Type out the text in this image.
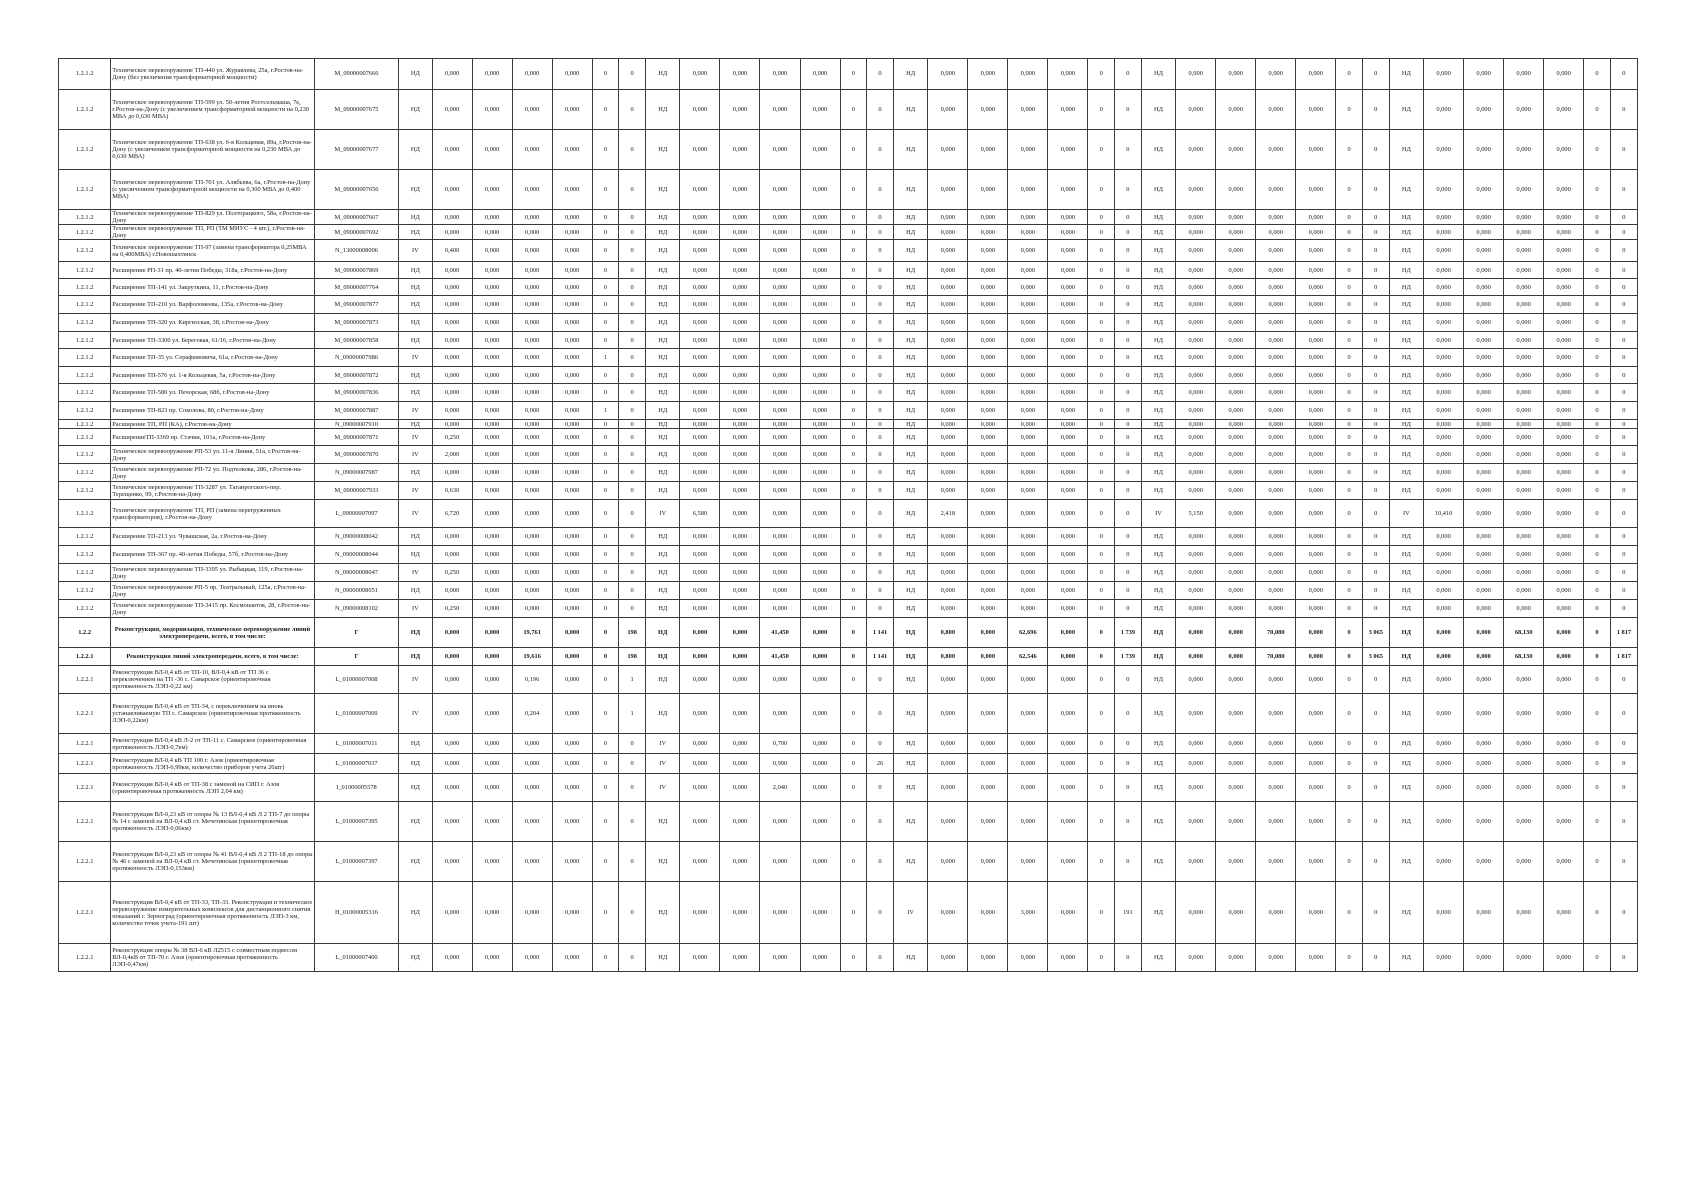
1.2.1.2	Техническое перевооружение ТП-440 ул. Журавлева, 25а, г.Ростов-на-Дону (без увеличения трансформаторной мощности)	M_09000007666	НД	0,000	0,000	0,000	0,000	0	0	НД	0,000	0,000	0,000	0,000	0	0	НД	0,000	0,000	0,000	0,000	0	0	НД	0,000	0,000	0,000	0,000	0	0	НД	0,000	0,000	0,000	0,000	0	0
1.2.1.2	Техническое перевооружение ТП-599 ул. 50-летия Ростсельмаша, 7е, г.Ростов-на-Дону (с увеличением трансформаторной мощности на 0,230 МВА до 0,630 МВА)	M_09000007675	НД	0,000	0,000	0,000	0,000	0	0	НД	0,000	0,000	0,000	0,000	0	0	НД	0,000	0,000	0,000	0,000	0	0	НД	0,000	0,000	0,000	0,000	0	0	НД	0,000	0,000	0,000	0,000	0	0
1.2.1.2	Техническое перевооружение ТП-638 ул. 6-я Кольцевая, 89а, г.Ростов-на-Дону (с увеличением трансформаторной мощности на 0,230 МВА до 0,630 МВА)	M_09000007677	НД	0,000	0,000	0,000	0,000	0	0	НД	0,000	0,000	0,000	0,000	0	0	НД	0,000	0,000	0,000	0,000	0	0	НД	0,000	0,000	0,000	0,000	0	0	НД	0,000	0,000	0,000	0,000	0	0
1.2.1.2	Техническое перевооружение ТП-701 ул. Алябьева, 6а, г.Ростов-на-Дону (с увеличением трансформаторной мощности на 0,300 МВА до 0,400 МВА)	M_09000007656	НД	0,000	0,000	0,000	0,000	0	0	НД	0,000	0,000	0,000	0,000	0	0	НД	0,000	0,000	0,000	0,000	0	0	НД	0,000	0,000	0,000	0,000	0	0	НД	0,000	0,000	0,000	0,000	0	0
1.2.1.2	Техническое перевооружение ТП-829 ул. Полторацкого, 58а, г.Ростов-на-Дону	M_09000007667	НД	0,000	0,000	0,000	0,000	0	0	НД	0,000	0,000	0,000	0,000	0	0	НД	0,000	0,000	0,000	0,000	0	0	НД	0,000	0,000	0,000	0,000	0	0	НД	0,000	0,000	0,000	0,000	0	0
1.2.1.2	Техническое перевооружение ТП, РП (ТМ МИУС - 4 шт.), г.Ростов-на-Дону	M_09000007692	НД	0,000	0,000	0,000	0,000	0	0	НД	0,000	0,000	0,000	0,000	0	0	НД	0,000	0,000	0,000	0,000	0	0	НД	0,000	0,000	0,000	0,000	0	0	НД	0,000	0,000	0,000	0,000	0	0
1.2.1.2	Техническое перевооружение ТП-97 (замена трансформатора 0,25МВА на 0,400МВА) г.Новошахтинск	N_13000008006	IV	0,400	0,000	0,000	0,000	0	0	НД	0,000	0,000	0,000	0,000	0	0	НД	0,000	0,000	0,000	0,000	0	0	НД	0,000	0,000	0,000	0,000	0	0	НД	0,000	0,000	0,000	0,000	0	0
1.2.1.2	Расширение РП-31 пр. 40-летия Победы, 318а, г.Ростов-на-Дону	M_09000007869	НД	0,000	0,000	0,000	0,000	0	0	НД	0,000	0,000	0,000	0,000	0	0	НД	0,000	0,000	0,000	0,000	0	0	НД	0,000	0,000	0,000	0,000	0	0	НД	0,000	0,000	0,000	0,000	0	0
1.2.1.2	Расширение ТП-141 ул. Закруткина, 11, г.Ростов-на-Дону	M_09000007764	НД	0,000	0,000	0,000	0,000	0	0	НД	0,000	0,000	0,000	0,000	0	0	НД	0,000	0,000	0,000	0,000	0	0	НД	0,000	0,000	0,000	0,000	0	0	НД	0,000	0,000	0,000	0,000	0	0
1.2.1.2	Расширение ТП-210 ул. Варфоломеева, 135а, г.Ростов-на-Дону	M_09000007877	НД	0,000	0,000	0,000	0,000	0	0	НД	0,000	0,000	0,000	0,000	0	0	НД	0,000	0,000	0,000	0,000	0	0	НД	0,000	0,000	0,000	0,000	0	0	НД	0,000	0,000	0,000	0,000	0	0
1.2.1.2	Расширение ТП-320 ул. Киргизская, 38, г.Ростов-на-Дону	M_09000007873	НД	0,000	0,000	0,000	0,000	0	0	НД	0,000	0,000	0,000	0,000	0	0	НД	0,000	0,000	0,000	0,000	0	0	НД	0,000	0,000	0,000	0,000	0	0	НД	0,000	0,000	0,000	0,000	0	0
1.2.1.2	Расширение ТП-3300 ул. Береговая, 61/16, г.Ростов-на-Дону	M_09000007858	НД	0,000	0,000	0,000	0,000	0	0	НД	0,000	0,000	0,000	0,000	0	0	НД	0,000	0,000	0,000	0,000	0	0	НД	0,000	0,000	0,000	0,000	0	0	НД	0,000	0,000	0,000	0,000	0	0
1.2.1.2	Расширение ТП-35 ул. Серафимовича, 61а, г.Ростов-на-Дону	N_09000007986	IV	0,000	0,000	0,000	0,000	1	0	НД	0,000	0,000	0,000	0,000	0	0	НД	0,000	0,000	0,000	0,000	0	0	НД	0,000	0,000	0,000	0,000	0	0	НД	0,000	0,000	0,000	0,000	0	0
1.2.1.2	Расширение ТП-576 ул. 1-я Кольцевая, 5а, г.Ростов-на-Дону	M_09000007872	НД	0,000	0,000	0,000	0,000	0	0	НД	0,000	0,000	0,000	0,000	0	0	НД	0,000	0,000	0,000	0,000	0	0	НД	0,000	0,000	0,000	0,000	0	0	НД	0,000	0,000	0,000	0,000	0	0
1.2.1.2	Расширение ТП-580 ул. Печорская, 68б, г.Ростов-на-Дону	M_09000007836	НД	0,000	0,000	0,000	0,000	0	0	НД	0,000	0,000	0,000	0,000	0	0	НД	0,000	0,000	0,000	0,000	0	0	НД	0,000	0,000	0,000	0,000	0	0	НД	0,000	0,000	0,000	0,000	0	0
1.2.1.2	Расширение ТП-823 пр. Соколова, 80, г.Ростов-на-Дону	M_09000007887	IV	0,000	0,000	0,000	0,000	1	0	НД	0,000	0,000	0,000	0,000	0	0	НД	0,000	0,000	0,000	0,000	0	0	НД	0,000	0,000	0,000	0,000	0	0	НД	0,000	0,000	0,000	0,000	0	0
1.2.1.2	Расширение ТП, РП (КА), г.Ростов-на-Дону	N_09000007910	НД	0,000	0,000	0,000	0,000	0	0	НД	0,000	0,000	0,000	0,000	0	0	НД	0,000	0,000	0,000	0,000	0	0	НД	0,000	0,000	0,000	0,000	0	0	НД	0,000	0,000	0,000	0,000	0	0
1.2.1.2	РасширениеТП-3369 пр. Стачки, 101а, г.Ростов-на-Дону	M_09000007871	IV	0,250	0,000	0,000	0,000	0	0	НД	0,000	0,000	0,000	0,000	0	0	НД	0,000	0,000	0,000	0,000	0	0	НД	0,000	0,000	0,000	0,000	0	0	НД	0,000	0,000	0,000	0,000	0	0
1.2.1.2	Техническое перевооружение РП-53 ул. 11-я Линия, 51а, г.Ростов-на-Дону	M_09000007870	IV	2,000	0,000	0,000	0,000	0	0	НД	0,000	0,000	0,000	0,000	0	0	НД	0,000	0,000	0,000	0,000	0	0	НД	0,000	0,000	0,000	0,000	0	0	НД	0,000	0,000	0,000	0,000	0	0
1.2.1.2	Техническое перевооружение РП-72 ул. Подтелкова, 286, г.Ростов-на-Дону	N_09000007987	НД	0,000	0,000	0,000	0,000	0	0	НД	0,000	0,000	0,000	0,000	0	0	НД	0,000	0,000	0,000	0,000	0	0	НД	0,000	0,000	0,000	0,000	0	0	НД	0,000	0,000	0,000	0,000	0	0
1.2.1.2	Техническое перевооружение ТП-3287 ул. Таганрогского-пер. Терещенко, 99, г.Ростов-на-Дону	M_09000007933	IV	0,630	0,000	0,000	0,000	0	0	НД	0,000	0,000	0,000	0,000	0	0	НД	0,000	0,000	0,000	0,000	0	0	НД	0,000	0,000	0,000	0,000	0	0	НД	0,000	0,000	0,000	0,000	0	0
1.2.1.2	Техническое перевооружение ТП, РП (замена перегруженных трансформаторов), г.Ростов-на-Дону	L_09000007097	IV	6,720	0,000	0,000	0,000	0	0	IV	6,580	0,000	0,000	0,000	0	0	НД	2,418	0,000	0,000	0,000	0	0	IV	5,150	0,000	0,000	0,000	0	0	IV	10,410	0,000	0,000	0,000	0	0
1.2.1.2	Расширение ТП-213 ул. Чувашская, 2а, г.Ростов-на-Дону	N_09000008042	НД	0,000	0,000	0,000	0,000	0	0	НД	0,000	0,000	0,000	0,000	0	0	НД	0,000	0,000	0,000	0,000	0	0	НД	0,000	0,000	0,000	0,000	0	0	НД	0,000	0,000	0,000	0,000	0	0
1.2.1.2	Расширение ТП-367 пр. 40-летия Победы, 57б, г.Ростов-на-Дону	N_09000008044	НД	0,000	0,000	0,000	0,000	0	0	НД	0,000	0,000	0,000	0,000	0	0	НД	0,000	0,000	0,000	0,000	0	0	НД	0,000	0,000	0,000	0,000	0	0	НД	0,000	0,000	0,000	0,000	0	0
1.2.1.2	Техническое перевооружение ТП-3395 ул. Рыбацкая, 119, г.Ростов-на-Дону	N_09000008047	IV	0,250	0,000	0,000	0,000	0	0	НД	0,000	0,000	0,000	0,000	0	0	НД	0,000	0,000	0,000	0,000	0	0	НД	0,000	0,000	0,000	0,000	0	0	НД	0,000	0,000	0,000	0,000	0	0
1.2.1.2	Техническое перевооружение РП-5 пр. Театральный, 125а, г.Ростов-на-Дону	N_09000008051	НД	0,000	0,000	0,000	0,000	0	0	НД	0,000	0,000	0,000	0,000	0	0	НД	0,000	0,000	0,000	0,000	0	0	НД	0,000	0,000	0,000	0,000	0	0	НД	0,000	0,000	0,000	0,000	0	0
1.2.1.2	Техническое перевооружение ТП-3415 пр. Космонавтов, 28, г.Ростов-на-Дону	N_09000008102	IV	0,250	0,000	0,000	0,000	0	0	НД	0,000	0,000	0,000	0,000	0	0	НД	0,000	0,000	0,000	0,000	0	0	НД	0,000	0,000	0,000	0,000	0	0	НД	0,000	0,000	0,000	0,000	0	0
1.2.2	Реконструкция, модернизация, техническое перевооружение линий электропередачи, всего, в том числе:	Г	НД	0,000	0,000	19,761	0,000	0	198	НД	0,000	0,000	41,450	0,000	0	1 141	НД	0,800	0,000	62,696	0,000	0	1 739	НД	0,000	0,000	70,080	0,000	0	3 065	НД	0,000	0,000	68,130	0,000	0	1 817
1.2.2.1	Реконструкция линий электропередачи, всего, в том числе:	Г	НД	0,000	0,000	19,616	0,000	0	198	НД	0,000	0,000	41,450	0,000	0	1 141	НД	0,800	0,000	62,546	0,000	0	1 739	НД	0,000	0,000	70,080	0,000	0	3 065	НД	0,000	0,000	68,130	0,000	0	1 817
1.2.2.1	Реконструкция ВЛ-0,4 кВ от ТП-10, ВЛ-0,4 кВ от ТП 36 с переключением на ТП -36 с. Самарское (ориентировочная протяженность ЛЭП-0,22 км)	L_01000007008	IV	0,000	0,000	0,196	0,000	0	1	НД	0,000	0,000	0,000	0,000	0	0	НД	0,000	0,000	0,000	0,000	0	0	НД	0,000	0,000	0,000	0,000	0	0	НД	0,000	0,000	0,000	0,000	0	0
1.2.2.1	Реконструкция ВЛ-0,4 кВ от ТП-34, с переключением на вновь устанавливаемую ТП с. Самарское (ориентировочная протяженность ЛЭП-0,22км)	L_01000007009	IV	0,000	0,000	0,204	0,000	0	1	НД	0,000	0,000	0,000	0,000	0	0	НД	0,000	0,000	0,000	0,000	0	0	НД	0,000	0,000	0,000	0,000	0	0	НД	0,000	0,000	0,000	0,000	0	0
1.2.2.1	Реконструкция ВЛ-0,4 кВ Л-2 от ТП-11 с. Самарское (ориентировочная протяженность ЛЭП-0,7км)	L_01000007011	НД	0,000	0,000	0,000	0,000	0	0	IV	0,000	0,000	0,700	0,000	0	0	НД	0,000	0,000	0,000	0,000	0	0	НД	0,000	0,000	0,000	0,000	0	0	НД	0,000	0,000	0,000	0,000	0	0
1.2.2.1	Реконструкция ВЛ-0,4 кВ ТП 100 г. Азов (ориентировочная протяженность ЛЭП-0,99км, количество приборов учета 26шт)	L_01000007037	НД	0,000	0,000	0,000	0,000	0	0	IV	0,000	0,000	0,990	0,000	0	26	НД	0,000	0,000	0,000	0,000	0	0	НД	0,000	0,000	0,000	0,000	0	0	НД	0,000	0,000	0,000	0,000	0	0
1.2.2.1	Реконструкция ВЛ-0,4 кВ от ТП-38 с заменой на СИП г. Азов (ориентировочная протяженность ЛЭП 2,04 км)	I_01000005578	НД	0,000	0,000	0,000	0,000	0	0	IV	0,000	0,000	2,040	0,000	0	0	НД	0,000	0,000	0,000	0,000	0	0	НД	0,000	0,000	0,000	0,000	0	0	НД	0,000	0,000	0,000	0,000	0	0
1.2.2.1	Реконструкция ВЛ-0,23 кВ от опоры № 13 ВЛ-0,4 кВ Л 2 ТП-7 до опоры № 14 с заменой на ВЛ-0,4 кВ ст. Мечетинская (ориентировочная протяженность ЛЭП-0,06км)	L_01000007395	НД	0,000	0,000	0,000	0,000	0	0	НД	0,000	0,000	0,000	0,000	0	0	НД	0,000	0,000	0,000	0,000	0	0	НД	0,000	0,000	0,000	0,000	0	0	НД	0,000	0,000	0,000	0,000	0	0
1.2.2.1	Реконструкция ВЛ-0,23 кВ от опоры № 41 ВЛ-0,4 кВ Л 2 ТП-18 до опоры № 46 с заменой на ВЛ-0,4 кВ ст. Мечетинская (ориентировочная протяженность ЛЭП-0,153км)	L_01000007397	НД	0,000	0,000	0,000	0,000	0	0	НД	0,000	0,000	0,000	0,000	0	0	НД	0,000	0,000	0,000	0,000	0	0	НД	0,000	0,000	0,000	0,000	0	0	НД	0,000	0,000	0,000	0,000	0	0
1.2.2.1	Реконструкция ВЛ-0,4 кВ от ТП-33, ТП-33. Реконструкция и техническое перевооружение измерительных комплексов для дистанционного снятия показаний г. Зерноград (ориентировочная протяженность ЛЭП-3 км, количество точек учета-191 шт)	H_01000005316	НД	0,000	0,000	0,000	0,000	0	0	НД	0,000	0,000	0,000	0,000	0	0	IV	0,000	0,000	3,000	0,000	0	191	НД	0,000	0,000	0,000	0,000	0	0	НД	0,000	0,000	0,000	0,000	0	0
1.2.2.1	Реконструкция опоры № 38 ВЛ-6 кВ Л2515 с совместным подвесом ВЛ-0,4кВ от ТП-70 г. Азов (ориентировочная протяженность ЛЭП-0,47км)	L_01000007400	НД	0,000	0,000	0,000	0,000	0	0	НД	0,000	0,000	0,000	0,000	0	0	НД	0,000	0,000	0,000	0,000	0	0	НД	0,000	0,000	0,000	0,000	0	0	НД	0,000	0,000	0,000	0,000	0	0
